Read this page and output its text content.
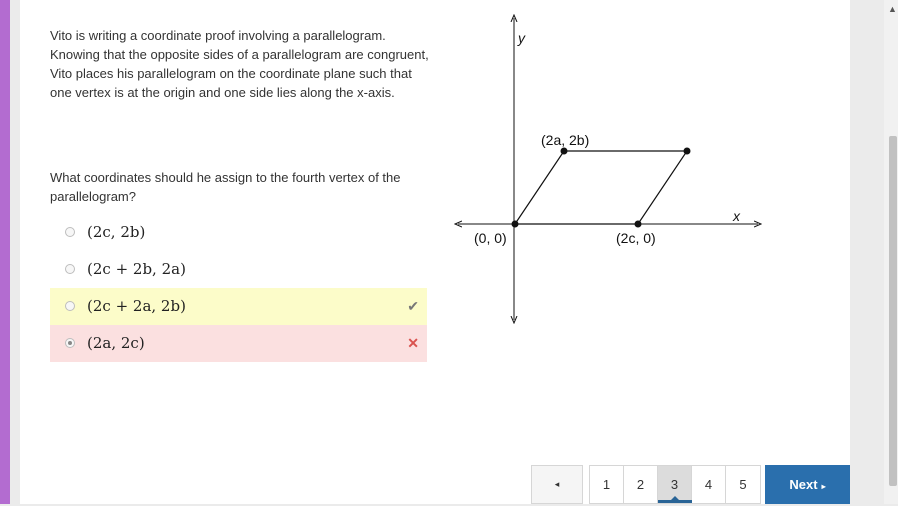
▲

Vito is writing a coordinate proof involving a parallelogram. Knowing that the opposite sides of a parallelogram are congruent, Vito places his parallelogram on the coordinate plane such that one vertex is at the origin and one side lies along the x-axis.

What coordinates should he assign to the fourth vertex of the parallelogram?
(2c, 2b)
(2c + 2b, 2a)
(2c + 2a, 2b)	✔
(2a, 2c)	✕
y
x
(0, 0)	(2c, 0)
(2a, 2b)
◂	1	2	3	4	5	Next ▸
